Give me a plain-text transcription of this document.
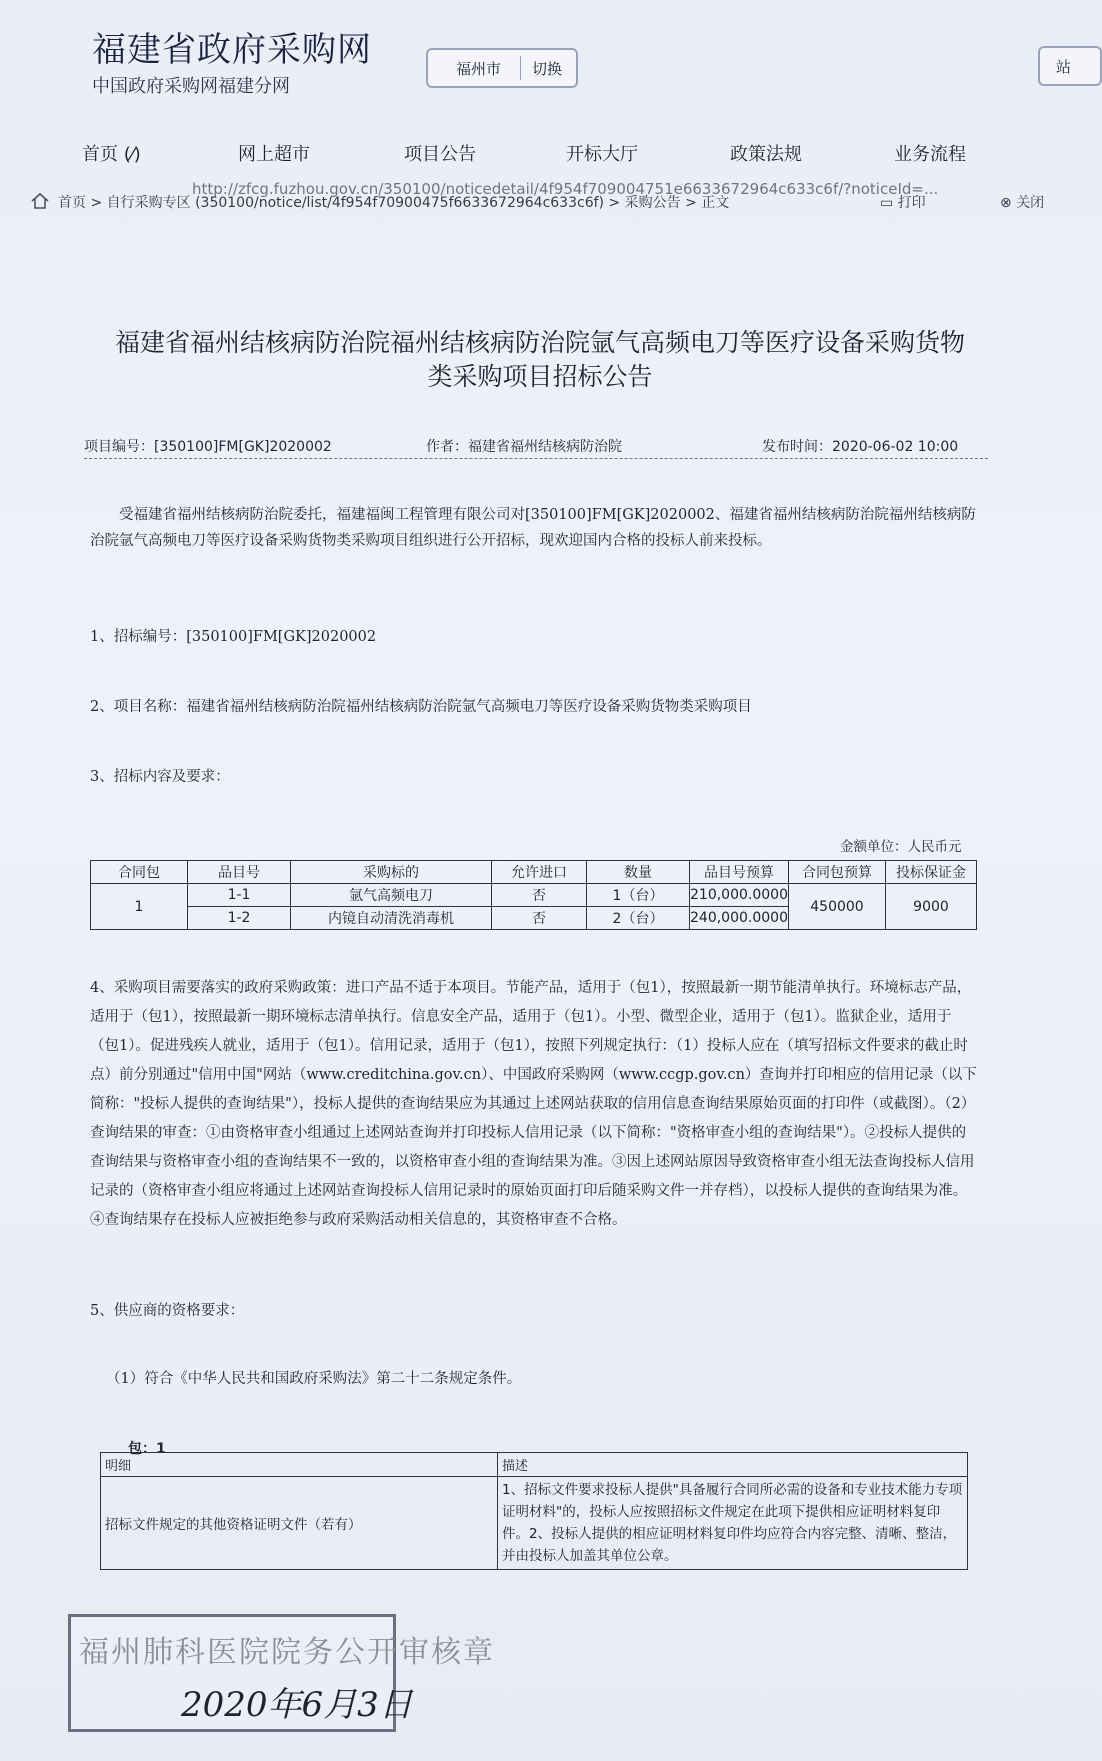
福建省政府采购网
中国政府采购网福建分网
福州市 切换	站
首页 (⁄)	网上超市	项目公告	开标大厅	政策法规	业务流程
首页 > 自行采购专区 (350100/notice/list/4f954f70900475f6633672964c633c6f) > 采购公告 > 正文
http://zfcg.fuzhou.gov.cn/350100/noticedetail/4f954f709004751e6633672964c633c6f/?noticeId=...
▭ 打印	⊗ 关闭
福建省福州结核病防治院福州结核病防治院氩气高频电刀等医疗设备采购货物
类采购项目招标公告
项目编号：[350100]FM[GK]2020002	作者：福建省福州结核病防治院	发布时间：2020-06-02 10:00
受福建省福州结核病防治院委托，福建福闽工程管理有限公司对[350100]FM[GK]2020002、福建省福州结核病防治院福州结核病防治院氩气高频电刀等医疗设备采购货物类采购项目组织进行公开招标，现欢迎国内合格的投标人前来投标。
1、招标编号：[350100]FM[GK]2020002
2、项目名称：福建省福州结核病防治院福州结核病防治院氩气高频电刀等医疗设备采购货物类采购项目
3、招标内容及要求：
金额单位：人民币元
合同包	品目号	采购标的	允许进口	数量	品目号预算	合同包预算	投标保证金
1	1-1	氩气高频电刀	否	1（台）	210,000.0000	450000	9000
	1-2	内镜自动清洗消毒机	否	2（台）	240,000.0000		
4、采购项目需要落实的政府采购政策：进口产品不适于本项目。节能产品，适用于（包1），按照最新一期节能清单执行。环境标志产品，适用于（包1），按照最新一期环境标志清单执行。信息安全产品，适用于（包1）。小型、微型企业，适用于（包1）。监狱企业，适用于（包1）。促进残疾人就业，适用于（包1）。信用记录，适用于（包1），按照下列规定执行：（1）投标人应在（填写招标文件要求的截止时点）前分别通过"信用中国"网站（www.creditchina.gov.cn）、中国政府采购网（www.ccgp.gov.cn）查询并打印相应的信用记录（以下简称："投标人提供的查询结果"），投标人提供的查询结果应为其通过上述网站获取的信用信息查询结果原始页面的打印件（或截图）。（2）查询结果的审查：①由资格审查小组通过上述网站查询并打印投标人信用记录（以下简称："资格审查小组的查询结果"）。②投标人提供的查询结果与资格审查小组的查询结果不一致的，以资格审查小组的查询结果为准。③因上述网站原因导致资格审查小组无法查询投标人信用记录的（资格审查小组应将通过上述网站查询投标人信用记录时的原始页面打印后随采购文件一并存档），以投标人提供的查询结果为准。④查询结果存在投标人应被拒绝参与政府采购活动相关信息的，其资格审查不合格。
5、供应商的资格要求：
（1）符合《中华人民共和国政府采购法》第二十二条规定条件。
包：1
明细	描述
招标文件规定的其他资格证明文件（若有）	1、招标文件要求投标人提供"具备履行合同所必需的设备和专业技术能力专项证明材料"的，投标人应按照招标文件规定在此项下提供相应证明材料复印件。2、投标人提供的相应证明材料复印件均应符合内容完整、清晰、整洁，并由投标人加盖其单位公章。
福州肺科医院院务公开审核章
2020年6月3日
